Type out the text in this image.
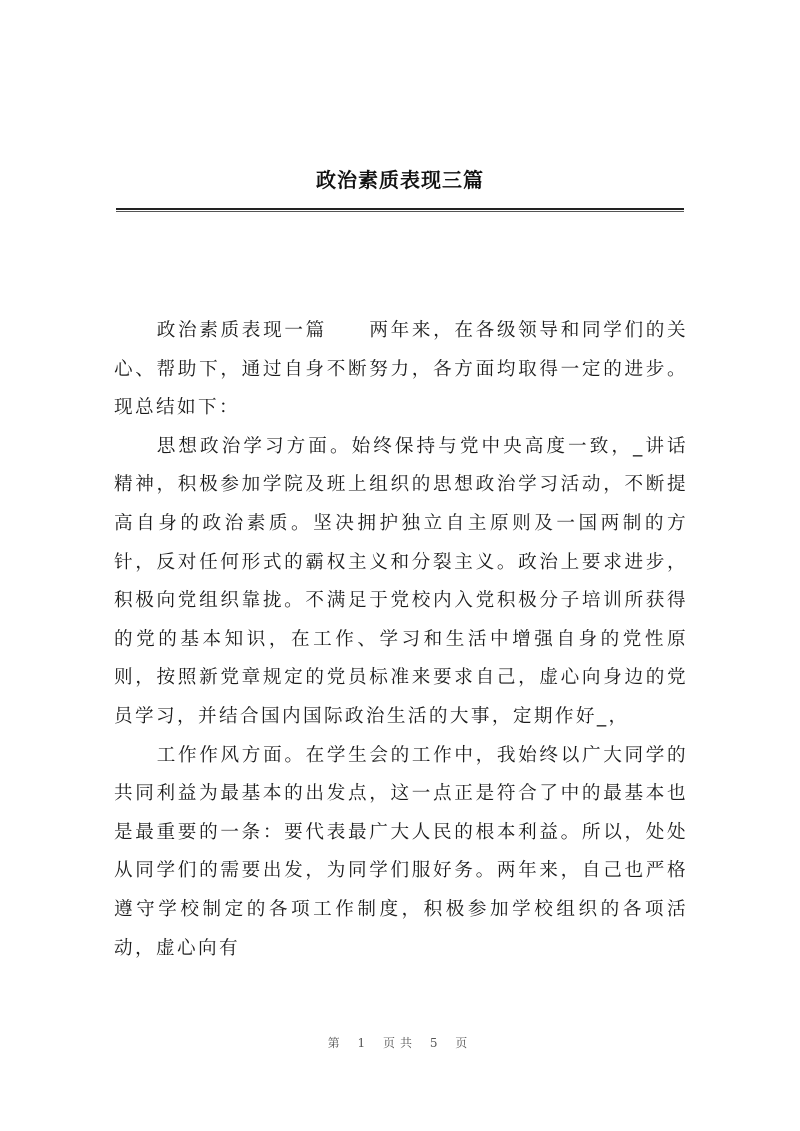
政治素质表现三篇

政治素质表现一篇　　两年来，在各级领导和同学们的关心、帮助下，通过自身不断努力，各方面均取得一定的进步。现总结如下：

思想政治学习方面。始终保持与党中央高度一致，_讲话精神，积极参加学院及班上组织的思想政治学习活动，不断提高自身的政治素质。坚决拥护独立自主原则及一国两制的方针，反对任何形式的霸权主义和分裂主义。政治上要求进步，积极向党组织靠拢。不满足于党校内入党积极分子培训所获得的党的基本知识，在工作、学习和生活中增强自身的党性原则，按照新党章规定的党员标准来要求自己，虚心向身边的党员学习，并结合国内国际政治生活的大事，定期作好_，

工作作风方面。在学生会的工作中，我始终以广大同学的共同利益为最基本的出发点，这一点正是符合了中的最基本也是最重要的一条：要代表最广大人民的根本利益。所以，处处从同学们的需要出发，为同学们服好务。两年来，自己也严格遵守学校制定的各项工作制度，积极参加学校组织的各项活动，虚心向有

第 1 页共 5 页
